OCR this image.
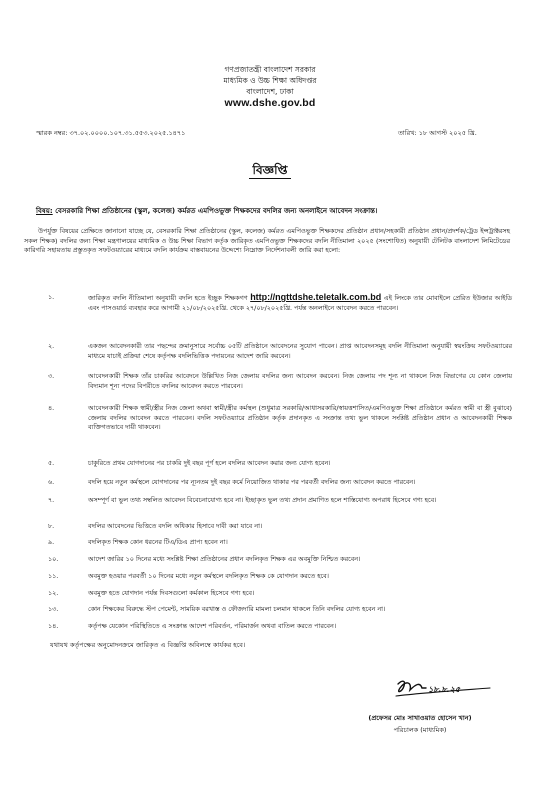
গণপ্রজাতন্ত্রী বাংলাদেশ সরকার
মাধ্যমিক ও উচ্চ শিক্ষা অধিদপ্তর
বাংলাদেশ, ঢাকা
www.dshe.gov.bd
স্মারক নম্বর: ৩৭.০২.০০০০.১০৭.৩১.৫৫৩.২০২৫.১৪৭১	তারিখ: ১৮ আগস্ট ২০২৫ খ্রি.
বিজ্ঞপ্তি
বিষয়: বেসরকারি শিক্ষা প্রতিষ্ঠানের (স্কুল, কলেজ) কর্মরত এমপিওভুক্ত শিক্ষকদের বদলির জন্য অনলাইনে আবেদন সংক্রান্ত।
উপর্যুক্ত বিষয়ের প্রেক্ষিতে জানানো যাচ্ছে যে, বেসরকারি শিক্ষা প্রতিষ্ঠানের (স্কুল, কলেজ) কর্মরত এমপিওভুক্ত শিক্ষকদের প্রতিষ্ঠান প্রধান/সহকারী প্রতিষ্ঠান প্রধান/প্রদর্শক/ট্রেড ইন্সট্রাক্টরসহ সকল শিক্ষক) বদলির জন্য শিক্ষা মন্ত্রণালয়ের মাধ্যমিক ও উচ্চ শিক্ষা বিভাগ কর্তৃক জারিকৃত এমপিওভুক্ত শিক্ষকদের বদলি নীতিমালা ২০২৫ (সংশোধিত) অনুযায়ী টেলিটক বাংলাদেশ লিমিটেডের কারিগরি সহায়তায় প্রস্তুতকৃত সফটওয়্যারের মাধ্যমে বদলি কার্যক্রম বাস্তবায়নের উদ্দেশ্যে নিম্নোক্ত নির্দেশনাবলী জারি করা হলো:
১.	জারিকৃত বদলি নীতিমালা অনুযায়ী বদলি হতে ইচ্ছুক শিক্ষকগণ http://ngttdshe.teletalk.com.bd এই লিংকে তার মোবাইলে প্রেরিত ইউজার আইডি এবং পাসওয়ার্ড ব্যবহার করে আগামী ২১/০৮/২০২৫খ্রি. থেকে ২৭/০৮/২০২৫খ্রি. পর্যন্ত অনলাইনে আবেদন করতে পারবেন।
২.	একজন আবেদনকারী তার পছন্দের ক্রমানুসারে সর্বোচ্চ ০৫টি প্রতিষ্ঠানে আবেদনের সুযোগ পাবেন। প্রাপ্ত আবেদনসমূহ বদলি নীতিমালা অনুযায়ী স্বয়ংক্রিয় সফটওয়্যারের মাধ্যমে যাচাই প্রক্রিয়া শেষে কর্তৃপক্ষ বদলিভিত্তিক পদায়নের আদেশ জারি করবেন।
৩.	আবেদনকারী শিক্ষক তাঁর চাকরির আবেদনে উল্লিখিত নিজ জেলায় বদলির জন্য আবেদন করবেন। নিজ জেলায় পদ শূন্য না থাকলে নিজ বিভাগের যে কোন জেলায় বিদ্যমান শূন্য পদের বিপরীতে বদলির আবেদন করতে পারবেন।
৪.	আবেদনকারী শিক্ষক স্বামী/স্ত্রীর নিজ জেলা অথবা স্বামী/স্ত্রীর কর্মস্থল (শুধুমাত্র সরকারি/আধাসরকারি/স্বায়ত্তশাসিত/এমপিওভুক্ত শিক্ষা প্রতিষ্ঠানে কর্মরত স্বামী বা স্ত্রী বুঝাবে) জেলায় বদলির আবেদন করতে পারবেন। বদলি সফটওয়্যারে প্রতিষ্ঠান কর্তৃক প্রদানকৃত এ সংক্রান্ত তথ্য ভুল থাকলে সংশ্লিষ্ট প্রতিষ্ঠান প্রধান ও আবেদনকারী শিক্ষক ব্যক্তিগতভাবে দায়ী থাকবেন।
৫.	চাকুরিতে প্রথম যোগদানের পর চাকরি দুই বছর পূর্ণ হলে বদলির আবেদন করার জন্য যোগ্য হবেন।
৬.	বদলি হয়ে নতুন কর্মস্থলে যোগদানের পর ন্যূনতম দুই বছর কর্মে নিয়োজিত থাকার পর পরবর্তী বদলির জন্য আবেদন করতে পারবেন।
৭.	অসম্পূর্ণ বা ভুল তথ্য সম্বলিত আবেদন বিবেচনাযোগ্য হবে না। ইচ্ছাকৃত ভুল তথ্য প্রদান প্রমাণিত হলে শাস্তিযোগ্য অপরাধ হিসেবে গণ্য হবে।
৮.	বদলির আবেদনের ভিত্তিতে বদলি অধিকার হিসাবে দাবী করা যাবে না।
৯.	বদলিকৃত শিক্ষক কোন ধরনের টিএ/ডিএ প্রাপ্য হবেন না।
১০.	আদেশ জারির ১০ দিনের মধ্যে সংশ্লিষ্ট শিক্ষা প্রতিষ্ঠানের প্রধান বদলিকৃত শিক্ষক এর অবমুক্তি নিশ্চিত করবেন।
১১.	অবমুক্ত হওয়ার পরবর্তী ১০ দিনের মধ্যে নতুন কর্মস্থলে বদলিকৃত শিক্ষক কে যোগদান করতে হবে।
১২.	অবমুক্ত হতে যোগদান পর্যন্ত দিবসগুলো কর্মকাল হিসেবে গণ্য হবে।
১৩.	কোন শিক্ষকের বিরুদ্ধে স্টপ পেমেন্ট, সাময়িক বরখাস্ত ও ফৌজদারি মামলা চলমান থাকলে তিনি বদলির যোগ্য হবেন না।
১৪.	কর্তৃপক্ষ যেকোন পরিস্থিতিতে এ সংক্রান্ত আদেশ পরিবর্তন, পরিমার্জন অথবা বাতিল করতে পারবেন।
যথাযথ কর্তৃপক্ষের অনুমোদনক্রমে জারিকৃত এ বিজ্ঞপ্তি অবিলম্বে কার্যকর হবে।
১৮.৮.২৫
(প্রফেসর মোঃ সাখাওয়াত হোসেন খান)
পরিচালক (মাধ্যমিক)
